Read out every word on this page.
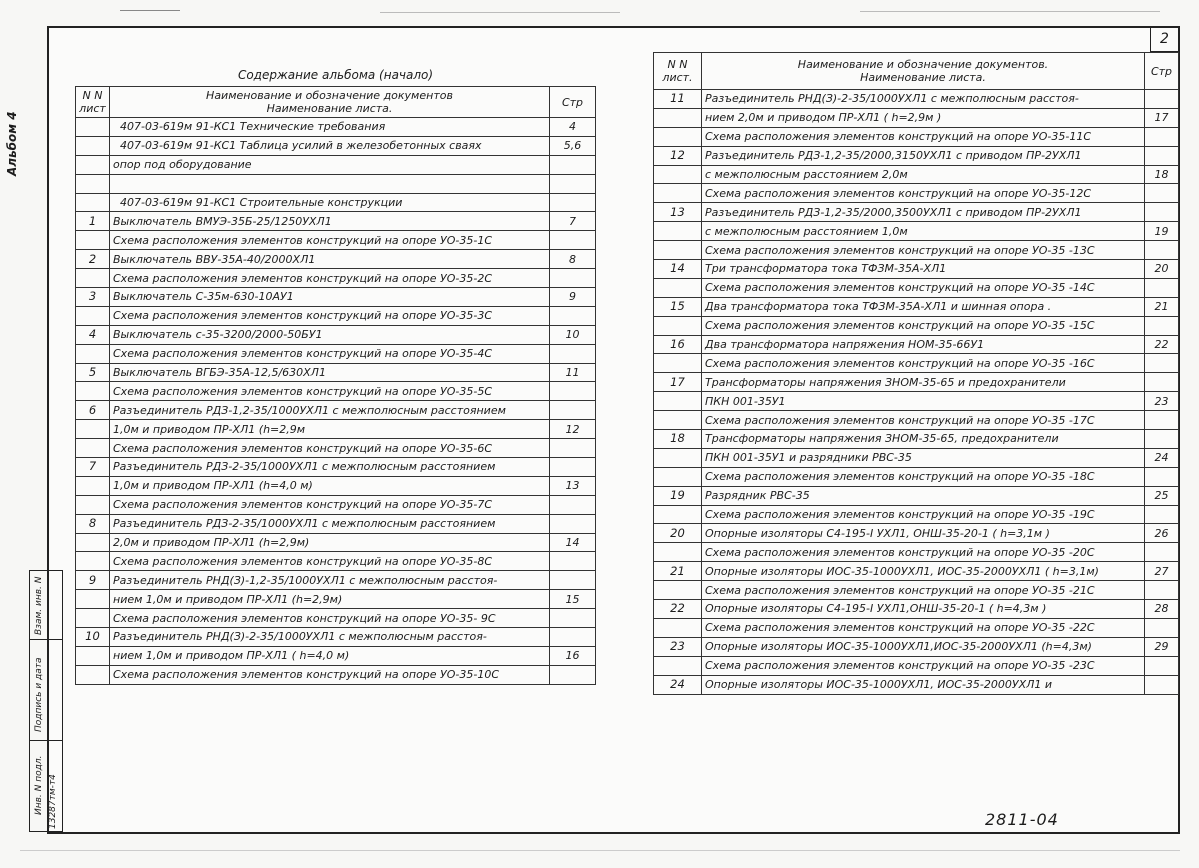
2
Альбом 4
Взам. инв. N
Подпись и дата
Инв. N подл. 13287тм-т4
Содержание альбома (начало)		
N N лист	Наименование и обозначение документов
Наименование листа.	Стр
	407-03-619м 91-КС1 Технические требования	4
	407-03-619м 91-КС1 Таблица усилий в железобетонных сваях	5,6
	опор под оборудование	

	407-03-619м 91-КС1 Строительные конструкции	
1	Выключатель ВМУЭ-35Б-25/1250УХЛ1	7
	Схема расположения элементов конструкций на опоре УО-35-1С	
2	Выключатель ВВУ-35А-40/2000ХЛ1	8
	Схема расположения элементов конструкций на опоре УО-35-2С	
3	Выключатель С-35м-630-10АУ1	9
	Схема расположения элементов конструкций на опоре УО-35-3С	
4	Выключатель с-35-3200/2000-50БУ1	10
	Схема расположения элементов конструкций на опоре УО-35-4С	
5	Выключатель ВГБЭ-35А-12,5/630ХЛ1	11
	Схема расположения элементов конструкций на опоре УО-35-5С	
6	Разъединитель РДЗ-1,2-35/1000УХЛ1 с межполюсным расстоянием	
	1,0м и приводом ПР-ХЛ1 (h=2,9м	12
	Схема расположения элементов конструкций на опоре УО-35-6С	
7	Разъединитель РДЗ-2-35/1000УХЛ1 с межполюсным расстоянием	
	1,0м и приводом ПР-ХЛ1 (h=4,0 м)	13
	Схема расположения элементов конструкций на опоре УО-35-7С	
8	Разъединитель РДЗ-2-35/1000УХЛ1 с межполюсным расстоянием	
	2,0м и приводом ПР-ХЛ1 (h=2,9м)	14
	Схема расположения элементов конструкций на опоре УО-35-8С	
9	Разъединитель РНД(З)-1,2-35/1000УХЛ1 с межполюсным расстоя-	
	нием 1,0м и приводом ПР-ХЛ1 (h=2,9м)	15
	Схема расположения элементов конструкций на опоре УО-35- 9С	
10	Разъединитель РНД(З)-2-35/1000УХЛ1 с межполюсным расстоя-	
	нием 1,0м и приводом ПР-ХЛ1 ( h=4,0 м)	16
	Схема расположения элементов конструкций на опоре УО-35-10С	
N N лист.	Наименование и обозначение документов.
Наименование листа.	Стр
11	Разъединитель РНД(З)-2-35/1000УХЛ1 с межполюсным расстоя-	
	нием 2,0м и приводом ПР-ХЛ1 ( h=2,9м )	17
	Схема расположения элементов конструкций на опоре УО-35-11С	
12	Разъединитель РДЗ-1,2-35/2000,3150УХЛ1 с приводом ПР-2УХЛ1	
	с межполюсным расстоянием 2,0м	18
	Схема расположения элементов конструкций на опоре УО-35-12С	
13	Разъединитель РДЗ-1,2-35/2000,3500УХЛ1 с приводом ПР-2УХЛ1	
	с межполюсным расстоянием 1,0м	19
	Схема расположения элементов конструкций на опоре УО-35 -13С	
14	Три трансформатора тока ТФЗМ-35А-ХЛ1	20
	Схема расположения элементов конструкций на опоре УО-35 -14С	
15	Два трансформатора тока ТФЗМ-35А-ХЛ1 и шинная опора .	21
	Схема расположения элементов конструкций на опоре УО-35 -15С	
16	Два трансформатора напряжения НОМ-35-66У1	22
	Схема расположения элементов конструкций на опоре УО-35 -16С	
17	Трансформаторы напряжения ЗНОМ-35-65 и предохранители	
	ПКН 001-35У1	23
	Схема расположения элементов конструкций на опоре УО-35 -17С	
18	Трансформаторы напряжения ЗНОМ-35-65, предохранители	
	ПКН 001-35У1 и разрядники РВС-35	24
	Схема расположения элементов конструкций на опоре УО-35 -18С	
19	Разрядник РВС-35	25
	Схема расположения элементов конструкций на опоре УО-35 -19С	
20	Опорные изоляторы С4-195-I УХЛ1, ОНШ-35-20-1 ( h=3,1м )	26
	Схема расположения элементов конструкций на опоре УО-35 -20С	
21	Опорные изоляторы ИОС-35-1000УХЛ1, ИОС-35-2000УХЛ1 ( h=3,1м)	27
	Схема расположения элементов конструкций на опоре УО-35 -21С	
22	Опорные изоляторы С4-195-I УХЛ1,ОНШ-35-20-1 ( h=4,3м )	28
	Схема расположения элементов конструкций на опоре УО-35 -22С	
23	Опорные изоляторы ИОС-35-1000УХЛ1,ИОС-35-2000УХЛ1 (h=4,3м)	29
	Схема расположения элементов конструкций на опоре УО-35 -23С	
24	Опорные изоляторы ИОС-35-1000УХЛ1, ИОС-35-2000УХЛ1 и	
2811-04
